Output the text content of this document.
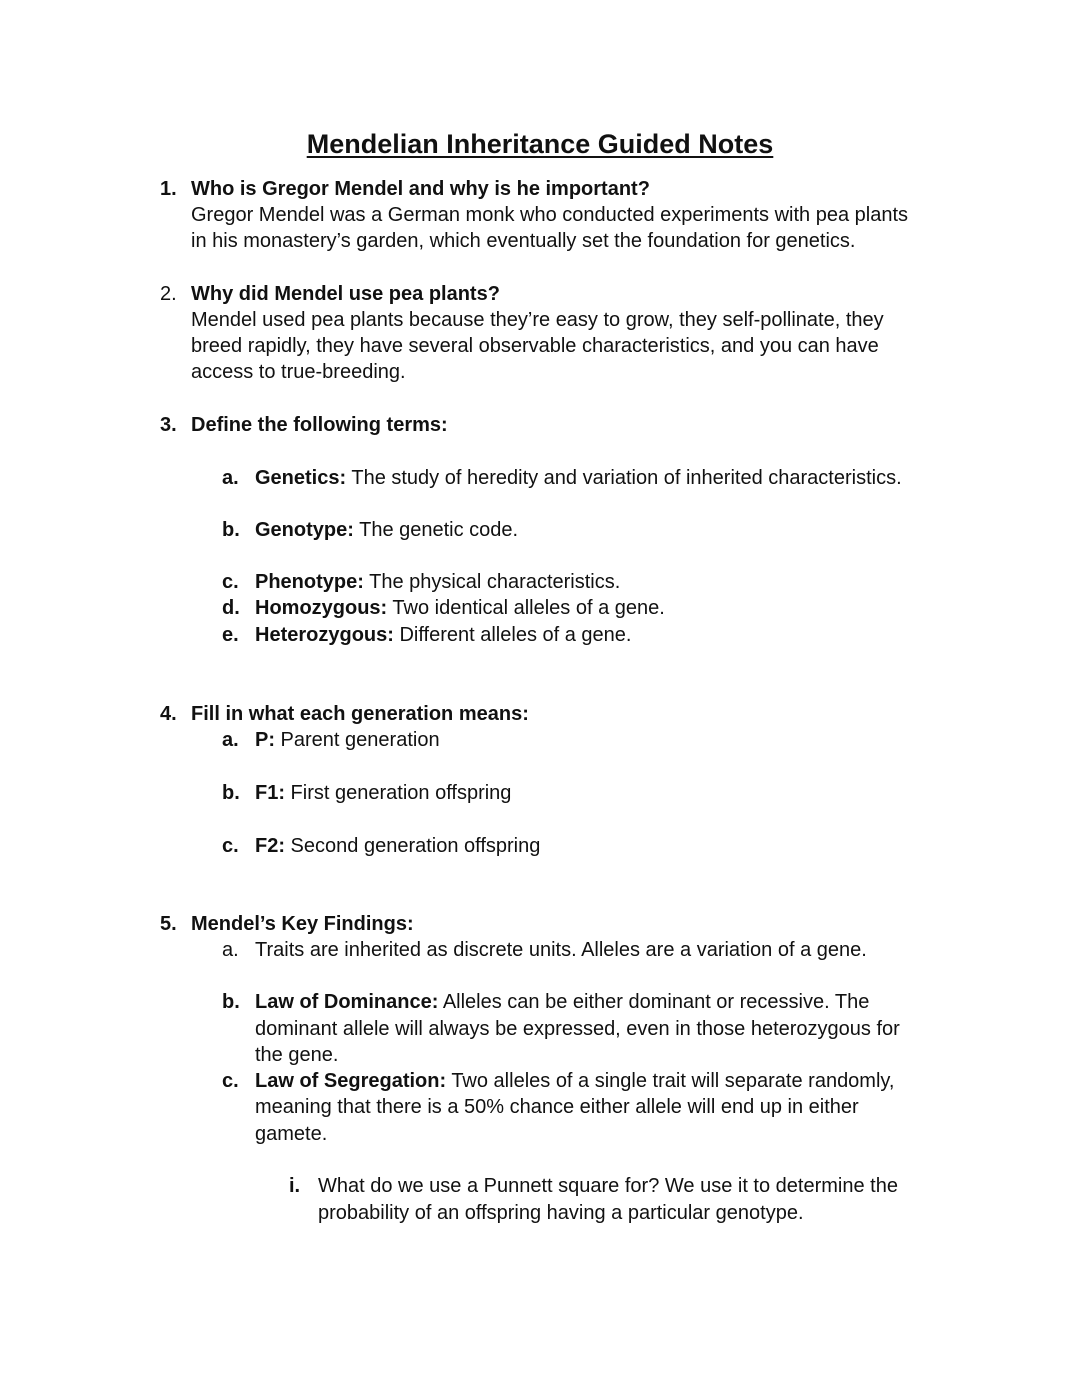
Mendelian Inheritance Guided Notes
1. Who is Gregor Mendel and why is he important?
Gregor Mendel was a German monk who conducted experiments with pea plants
in his monastery’s garden, which eventually set the foundation for genetics.
2. Why did Mendel use pea plants?
Mendel used pea plants because they’re easy to grow, they self-pollinate, they
breed rapidly, they have several observable characteristics, and you can have
access to true-breeding.
3. Define the following terms:
a. Genetics: The study of heredity and variation of inherited characteristics.
b. Genotype: The genetic code.
c. Phenotype: The physical characteristics.
d. Homozygous: Two identical alleles of a gene.
e. Heterozygous: Different alleles of a gene.
4. Fill in what each generation means:
a. P: Parent generation
b. F1: First generation offspring
c. F2: Second generation offspring
5. Mendel’s Key Findings:
a. Traits are inherited as discrete units. Alleles are a variation of a gene.
b. Law of Dominance: Alleles can be either dominant or recessive. The
dominant allele will always be expressed, even in those heterozygous for
the gene.
c. Law of Segregation: Two alleles of a single trait will separate randomly,
meaning that there is a 50% chance either allele will end up in either
gamete.
i. What do we use a Punnett square for? We use it to determine the
probability of an offspring having a particular genotype.
